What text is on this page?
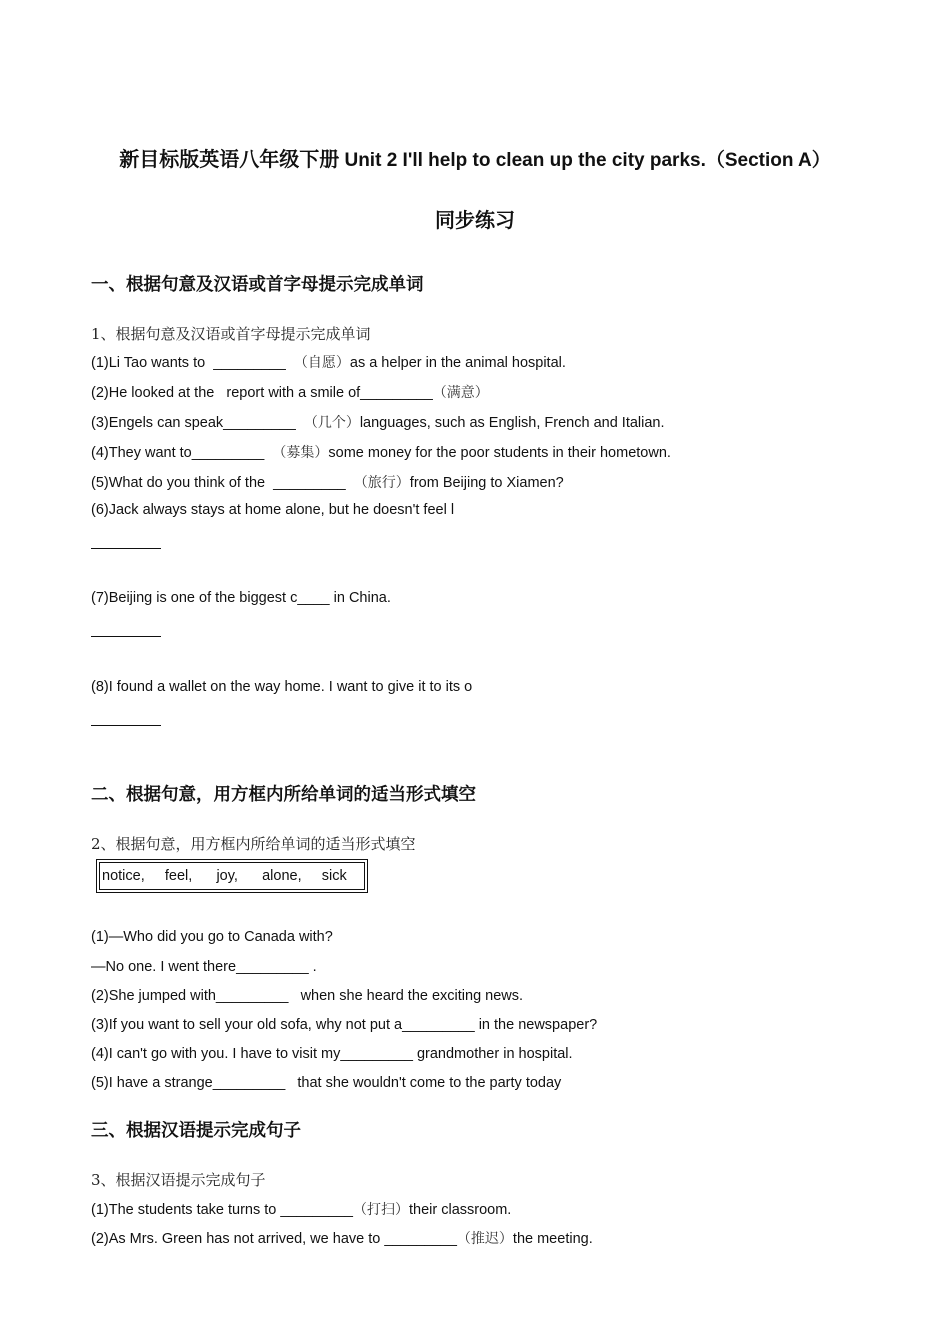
新目标版英语八年级下册 Unit 2 I'll help to clean up the city parks.（Section A）
同步练习
一、根据句意及汉语或首字母提示完成单词
1、根据句意及汉语或首字母提示完成单词
(1)Li Tao wants to  _________  （自愿）as a helper in the animal hospital.
(2)He looked at the   report with a smile of_________（满意）
(3)Engels can speak_________  （几个）languages, such as English, French and Italian.
(4)They want to_________  （募集）some money for the poor students in their hometown.
(5)What do you think of the  _________  （旅行）from Beijing to Xiamen?
(6)Jack always stays at home alone, but he doesn't feel l
(7)Beijing is one of the biggest c____ in China.
(8)I found a wallet on the way home. I want to give it to its o
二、根据句意，用方框内所给单词的适当形式填空
2、根据句意，用方框内所给单词的适当形式填空
notice,     feel,      joy,      alone,     sick
(1)—Who did you go to Canada with?
—No one. I went there_________ .
(2)She jumped with_________   when she heard the exciting news.
(3)If you want to sell your old sofa, why not put a_________ in the newspaper?
(4)I can't go with you. I have to visit my_________ grandmother in hospital.
(5)I have a strange_________   that she wouldn't come to the party today
三、根据汉语提示完成句子
3、根据汉语提示完成句子
(1)The students take turns to _________（打扫）their classroom.
(2)As Mrs. Green has not arrived, we have to _________（推迟）the meeting.
